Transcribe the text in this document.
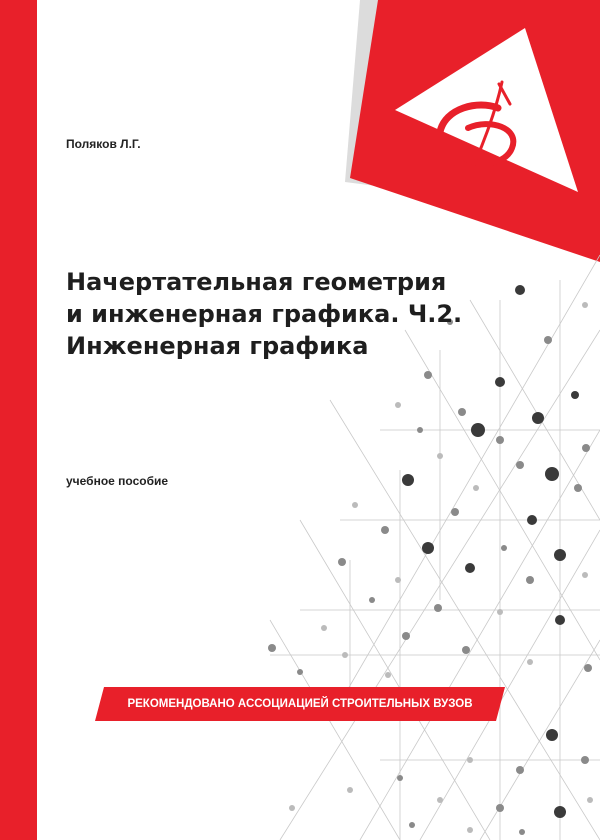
Поляков Л.Г.
Начертательная геометрия
и инженерная графика. Ч.2.
Инженерная графика
учебное пособие
РЕКОМЕНДОВАНО АССОЦИАЦИЕЙ СТРОИТЕЛЬНЫХ ВУЗОВ
